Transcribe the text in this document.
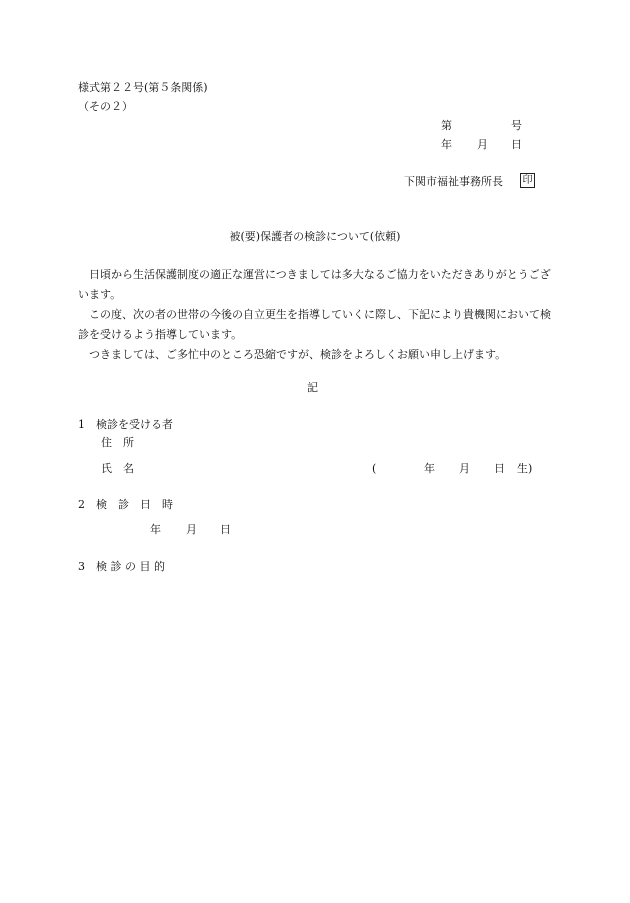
様式第２２号(第５条関係)
（その２）
第	号
年 月 日
下関市福祉事務所長 印
被(要)保護者の検診について(依頼)
日頃から生活保護制度の適正な運営につきましては多大なるご協力をいただきありがとうございます。
この度、次の者の世帯の今後の自立更生を指導していくに際し、下記により貴機関において検診を受けるよう指導しています。
つきましては、ご多忙中のところ恐縮ですが、検診をよろしくお願い申し上げます。
記
1　検診を受ける者
住　所
氏　名	(	年 月 日 生)
2　検　診　日　時
年 月 日
3　検 診 の 目 的
